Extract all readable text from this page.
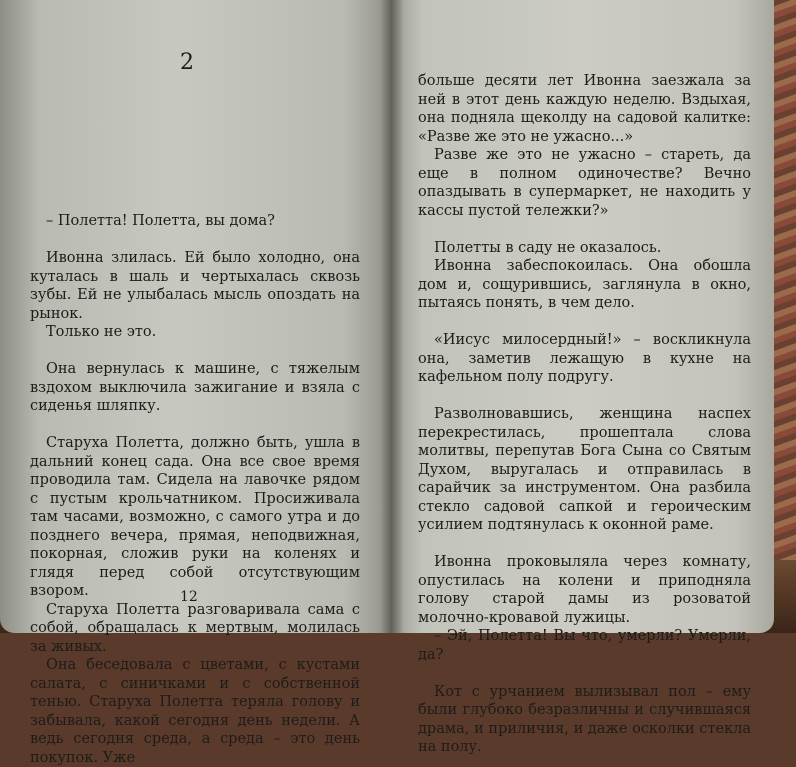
2

– Полетта! Полетта, вы дома?

Ивонна злилась. Ей было холодно, она куталась в шаль и чертыхалась сквозь зубы. Ей не улыбалась мысль опоздать на рынок.

Только не это.

Она вернулась к машине, с тяжелым вздохом выключила зажигание и взяла с сиденья шляпку.

Старуха Полетта, должно быть, ушла в дальний конец сада. Она все свое время проводила там. Сидела на лавочке рядом с пустым крольчатником. Просиживала там часами, возможно, с самого утра и до позднего вечера, прямая, неподвижная, покорная, сложив руки на коленях и глядя перед собой отсутствующим взором.

Старуха Полетта разговаривала сама с собой, обращалась к мертвым, молилась за живых.

Она беседовала с цветами, с кустами салата, с синичками и с собственной тенью. Старуха Полетта теряла голову и забывала, какой сегодня день недели. А ведь сегодня среда, а среда – это день покупок. Уже

12

больше десяти лет Ивонна заезжала за ней в этот день каждую неделю. Вздыхая, она подняла щеколду на садовой калитке: «Разве же это не ужасно...»

Разве же это не ужасно – стареть, да еще в полном одиночестве? Вечно опаздывать в супермаркет, не находить у кассы пустой тележки?»

Полетты в саду не оказалось.

Ивонна забеспокоилась. Она обошла дом и, сощурившись, заглянула в окно, пытаясь понять, в чем дело.

«Иисус милосердный!» – воскликнула она, заметив лежащую в кухне на кафельном полу подругу.

Разволновавшись, женщина наспех перекрестилась, прошептала слова молитвы, перепутав Бога Сына со Святым Духом, выругалась и отправилась в сарайчик за инструментом. Она разбила стекло садовой сапкой и героическим усилием подтянулась к оконной раме.

Ивонна проковыляла через комнату, опустилась на колени и приподняла голову старой дамы из розоватой молочно-кровавой лужицы.

– Эй, Полетта! Вы что, умерли? Умерли, да?

Кот с урчанием вылизывал пол – ему были глубоко безразличны и случившаяся драма, и приличия, и даже осколки стекла на полу.
